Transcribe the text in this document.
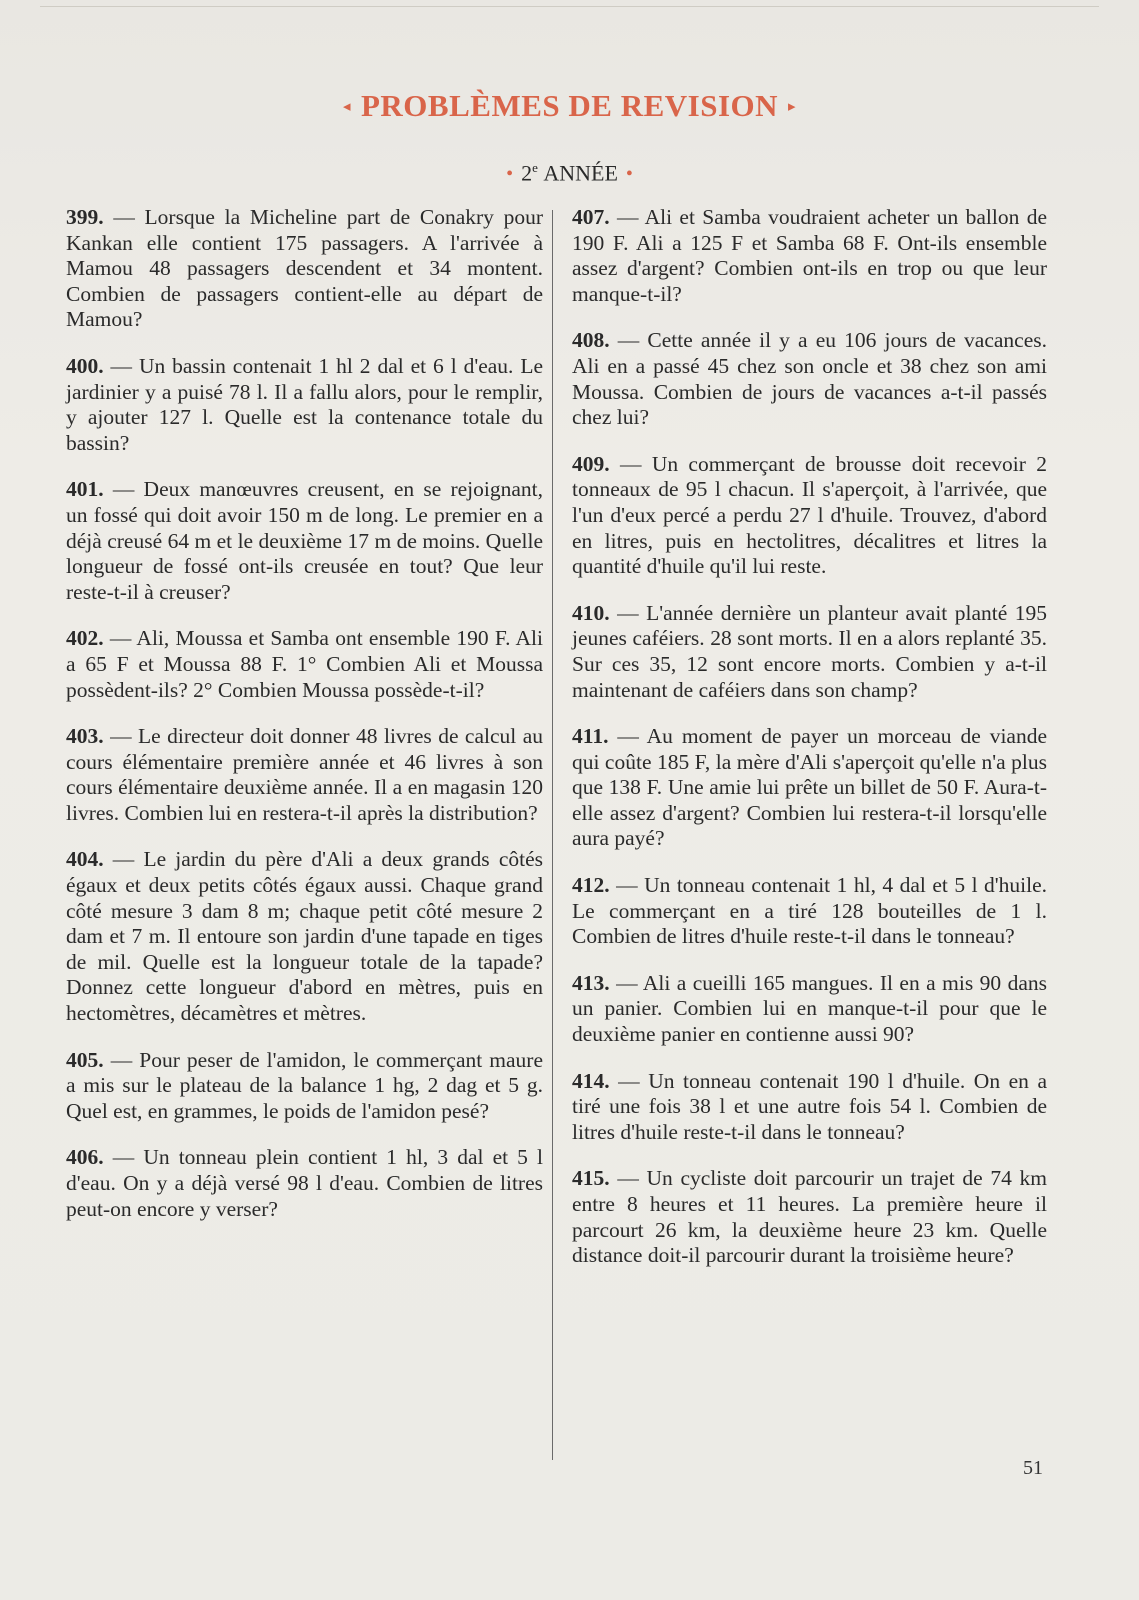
◂ PROBLÈMES DE REVISION ▸
• 2e ANNÉE •

399. — Lorsque la Micheline part de Conakry pour Kankan elle contient 175 passagers. A l'arrivée à Mamou 48 passagers descendent et 34 montent. Combien de passagers contient-elle au départ de Mamou?

400. — Un bassin contenait 1 hl 2 dal et 6 l d'eau. Le jardinier y a puisé 78 l. Il a fallu alors, pour le remplir, y ajouter 127 l. Quelle est la contenance totale du bassin?

401. — Deux manœuvres creusent, en se rejoignant, un fossé qui doit avoir 150 m de long. Le premier en a déjà creusé 64 m et le deuxième 17 m de moins. Quelle longueur de fossé ont-ils creusée en tout? Que leur reste-t-il à creuser?

402. — Ali, Moussa et Samba ont ensemble 190 F. Ali a 65 F et Moussa 88 F. 1° Combien Ali et Moussa possèdent-ils? 2° Combien Moussa possède-t-il?

403. — Le directeur doit donner 48 livres de calcul au cours élémentaire première année et 46 livres à son cours élémentaire deuxième année. Il a en magasin 120 livres. Combien lui en restera-t-il après la distribution?

404. — Le jardin du père d'Ali a deux grands côtés égaux et deux petits côtés égaux aussi. Chaque grand côté mesure 3 dam 8 m; chaque petit côté mesure 2 dam et 7 m. Il entoure son jardin d'une tapade en tiges de mil. Quelle est la longueur totale de la tapade? Donnez cette longueur d'abord en mètres, puis en hectomètres, décamètres et mètres.

405. — Pour peser de l'amidon, le commerçant maure a mis sur le plateau de la balance 1 hg, 2 dag et 5 g. Quel est, en grammes, le poids de l'amidon pesé?

406. — Un tonneau plein contient 1 hl, 3 dal et 5 l d'eau. On y a déjà versé 98 l d'eau. Combien de litres peut-on encore y verser?

407. — Ali et Samba voudraient acheter un ballon de 190 F. Ali a 125 F et Samba 68 F. Ont-ils ensemble assez d'argent? Combien ont-ils en trop ou que leur manque-t-il?

408. — Cette année il y a eu 106 jours de vacances. Ali en a passé 45 chez son oncle et 38 chez son ami Moussa. Combien de jours de vacances a-t-il passés chez lui?

409. — Un commerçant de brousse doit recevoir 2 tonneaux de 95 l chacun. Il s'aperçoit, à l'arrivée, que l'un d'eux percé a perdu 27 l d'huile. Trouvez, d'abord en litres, puis en hectolitres, décalitres et litres la quantité d'huile qu'il lui reste.

410. — L'année dernière un planteur avait planté 195 jeunes caféiers. 28 sont morts. Il en a alors replanté 35. Sur ces 35, 12 sont encore morts. Combien y a-t-il maintenant de caféiers dans son champ?

411. — Au moment de payer un morceau de viande qui coûte 185 F, la mère d'Ali s'aperçoit qu'elle n'a plus que 138 F. Une amie lui prête un billet de 50 F. Aura-t-elle assez d'argent? Combien lui restera-t-il lorsqu'elle aura payé?

412. — Un tonneau contenait 1 hl, 4 dal et 5 l d'huile. Le commerçant en a tiré 128 bouteilles de 1 l. Combien de litres d'huile reste-t-il dans le tonneau?

413. — Ali a cueilli 165 mangues. Il en a mis 90 dans un panier. Combien lui en manque-t-il pour que le deuxième panier en contienne aussi 90?

414. — Un tonneau contenait 190 l d'huile. On en a tiré une fois 38 l et une autre fois 54 l. Combien de litres d'huile reste-t-il dans le tonneau?

415. — Un cycliste doit parcourir un trajet de 74 km entre 8 heures et 11 heures. La première heure il parcourt 26 km, la deuxième heure 23 km. Quelle distance doit-il parcourir durant la troisième heure?

51
